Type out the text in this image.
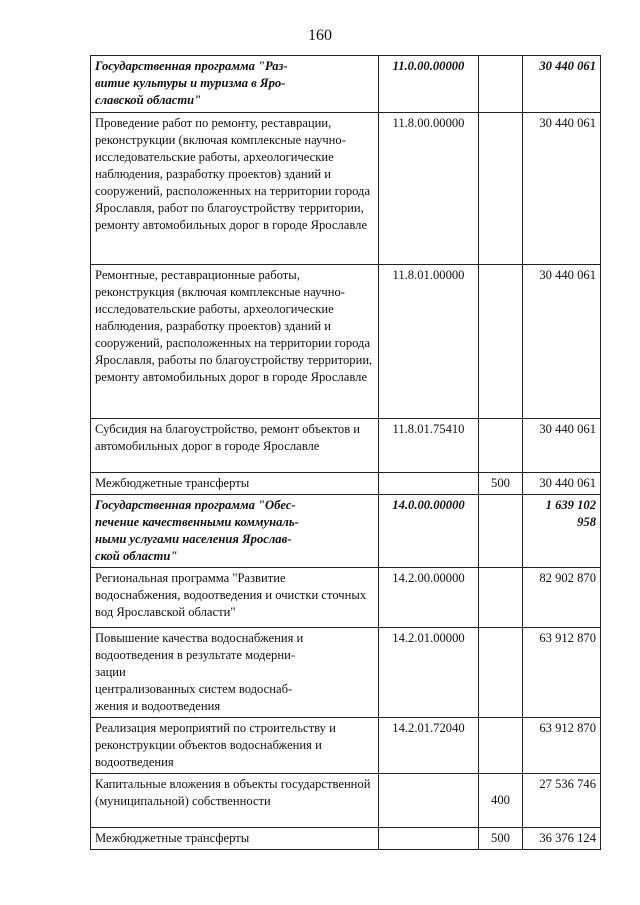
160
Государственная программа "Раз-
витие культуры и туризма в Яро-
славской области"	11.0.00.00000		30 440 061
Проведение работ по ремонту, реставрации, реконструкции (включая комплексные научно-исследовательские работы, археологические наблюдения, разработку проектов) зданий и сооружений, расположенных на территории города Ярославля, работ по благоустройству территории, ремонту автомобильных дорог в городе Ярославле	11.8.00.00000		30 440 061
Ремонтные, реставрационные работы, реконструкция (включая комплексные научно-исследовательские работы, археологические наблюдения, разработку проектов) зданий и сооружений, расположенных на территории города Ярославля, работы по благоустройству территории, ремонту автомобильных дорог в городе Ярославле	11.8.01.00000		30 440 061
Субсидия на благоустройство, ремонт объектов и автомобильных дорог в городе Ярославле	11.8.01.75410		30 440 061
Межбюджетные трансферты		500	30 440 061
Государственная программа "Обес-
печение качественными коммуналь-
ными услугами населения Ярослав-
ской области"	14.0.00.00000		1 639 102 958
Региональная программа "Развитие водоснабжения, водоотведения и очистки сточных вод Ярославской области"	14.2.00.00000		82 902 870
Повышение качества водоснабжения и
водоотведения в результате модерни-
зации
централизованных систем водоснаб-
жения и водоотведения	14.2.01.00000		63 912 870
Реализация мероприятий по строительству и реконструкции объектов водоснабжения и водоотведения	14.2.01.72040		63 912 870
Капитальные вложения в объекты государственной (муниципальной) собственности		400	27 536 746
Межбюджетные трансферты		500	36 376 124
